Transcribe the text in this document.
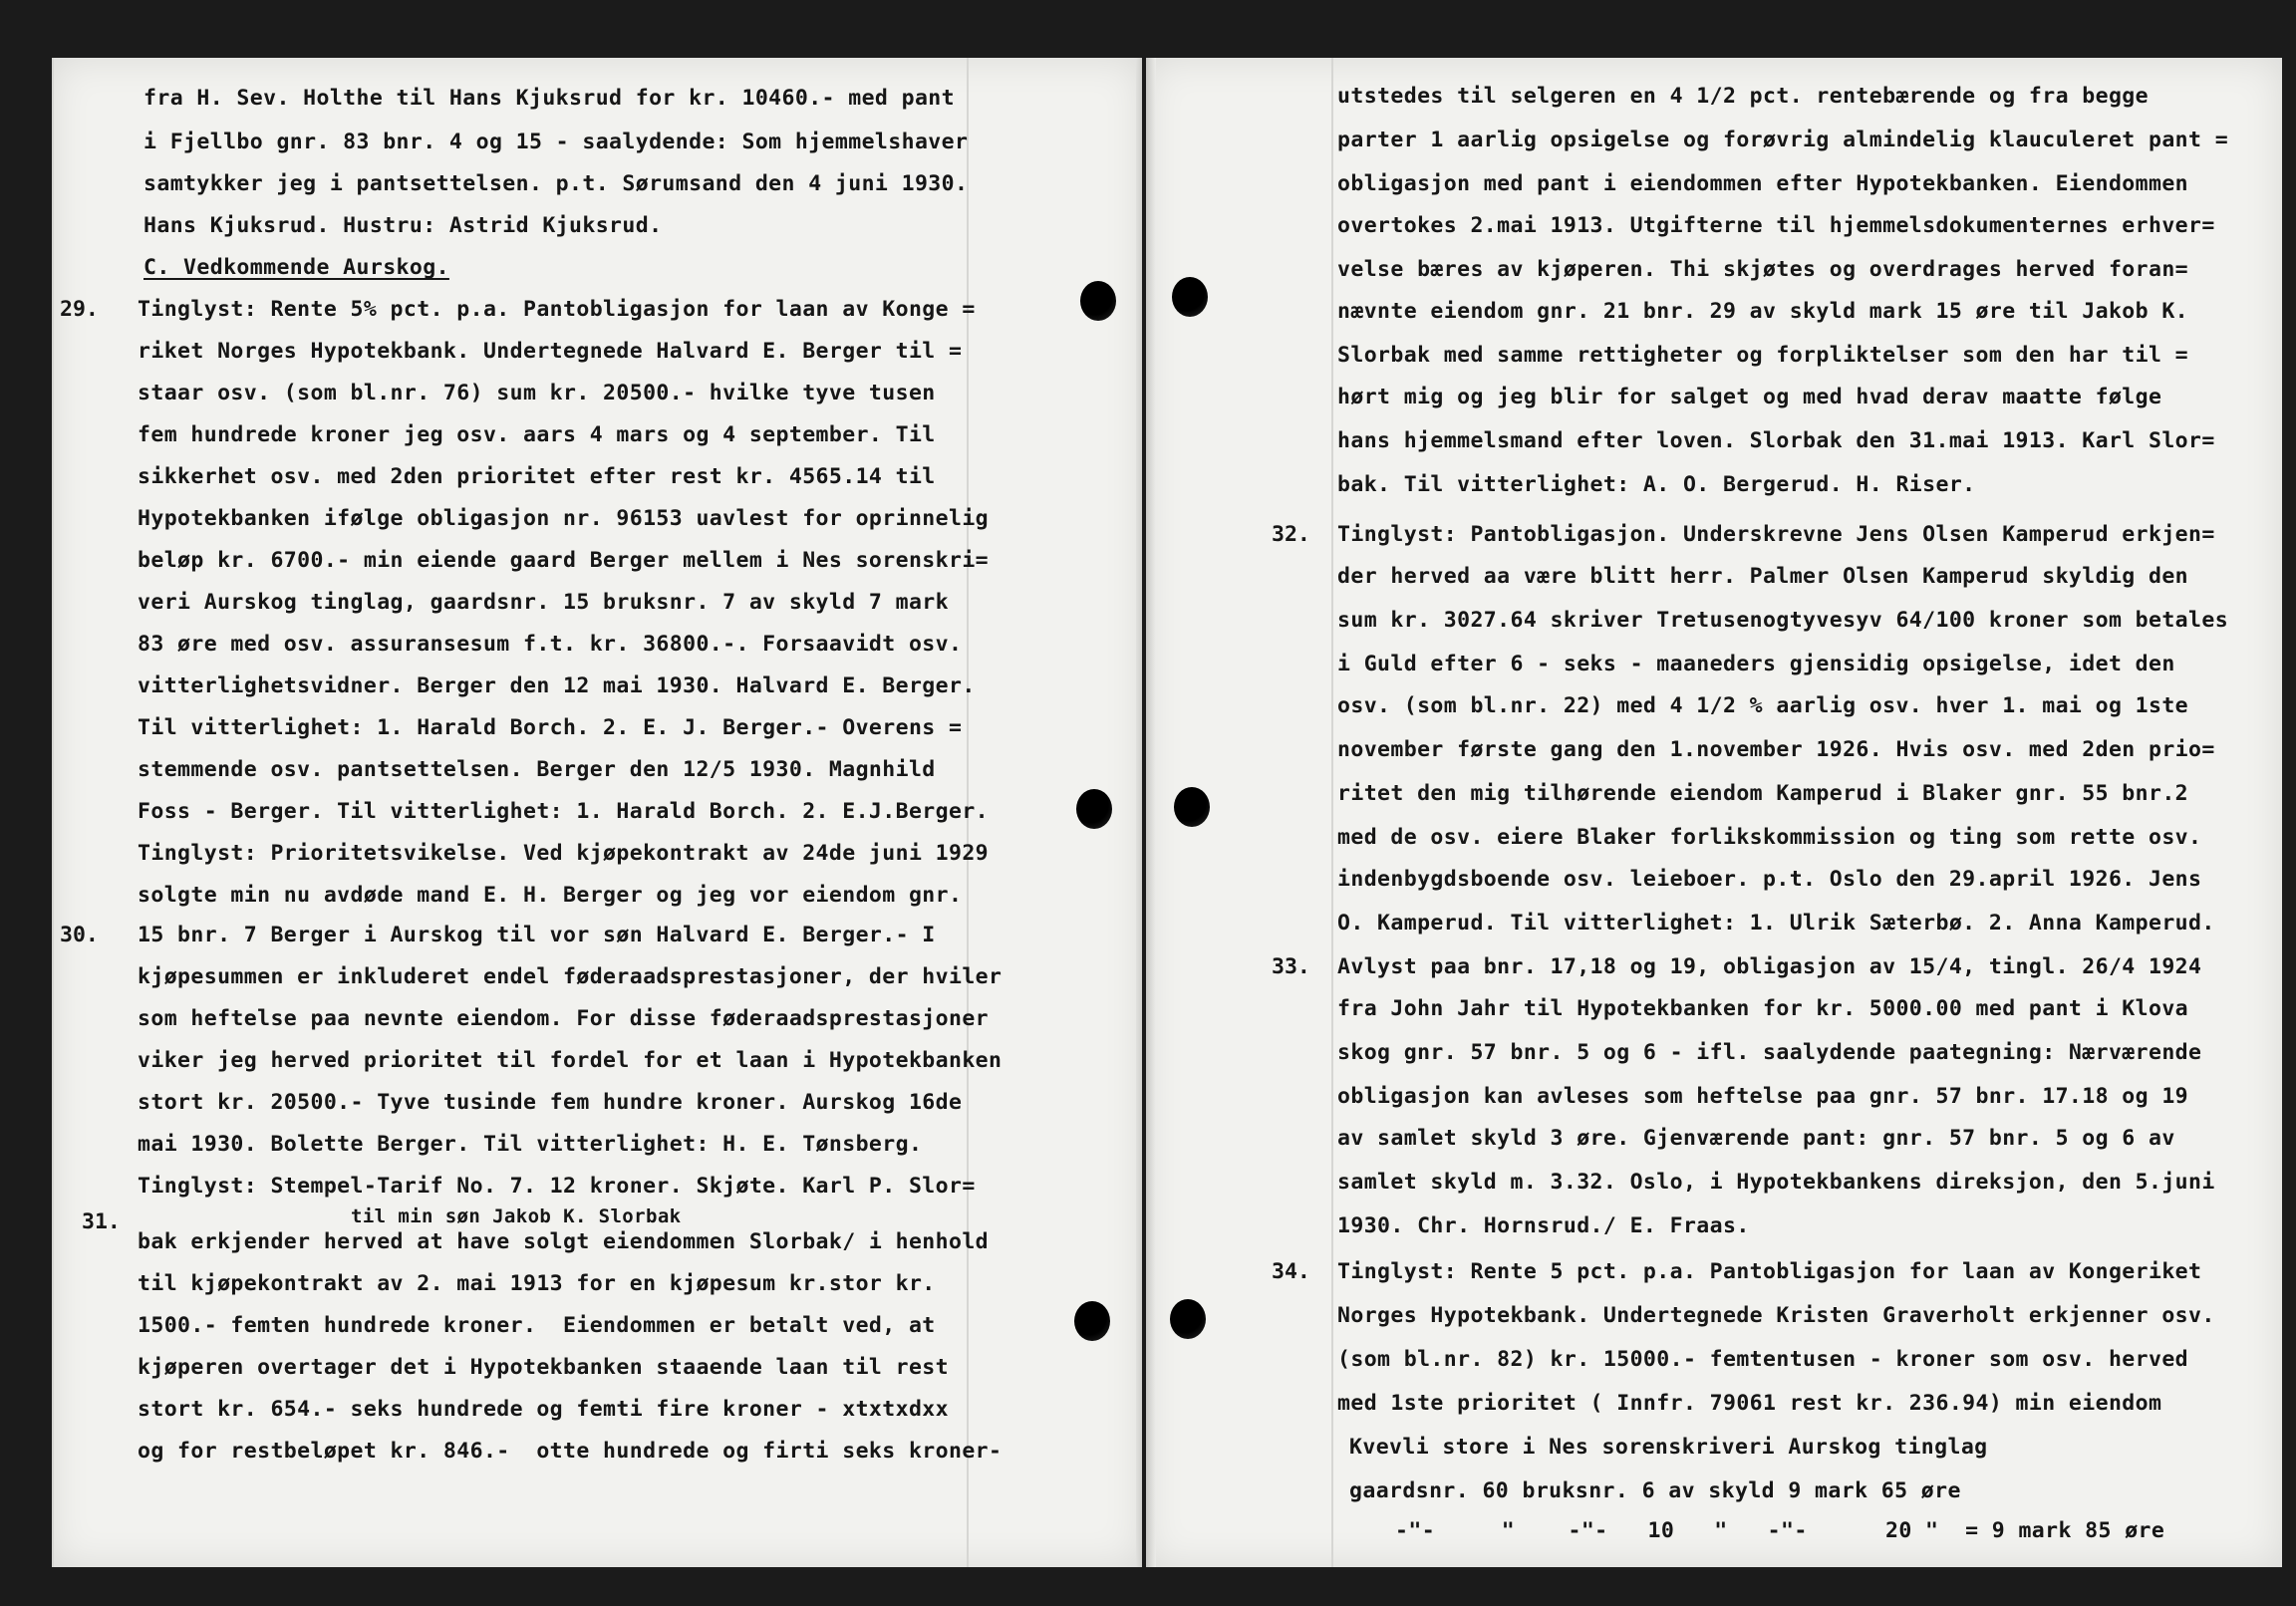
29.
30.
31.
fra H. Sev. Holthe til Hans Kjuksrud for kr. 10460.- med pant
i Fjellbo gnr. 83 bnr. 4 og 15 - saalydende: Som hjemmelshaver
samtykker jeg i pantsettelsen. p.t. Sørumsand den 4 juni 1930.
Hans Kjuksrud. Hustru: Astrid Kjuksrud.
C. Vedkommende Aurskog.
Tinglyst: Rente 5% pct. p.a. Pantobligasjon for laan av Konge =
riket Norges Hypotekbank. Undertegnede Halvard E. Berger til =
staar osv. (som bl.nr. 76) sum kr. 20500.- hvilke tyve tusen
fem hundrede kroner jeg osv. aars 4 mars og 4 september. Til
sikkerhet osv. med 2den prioritet efter rest kr. 4565.14 til
Hypotekbanken ifølge obligasjon nr. 96153 uavlest for oprinnelig
beløp kr. 6700.- min eiende gaard Berger mellem i Nes sorenskri=
veri Aurskog tinglag, gaardsnr. 15 bruksnr. 7 av skyld 7 mark
83 øre med osv. assuransesum f.t. kr. 36800.-. Forsaavidt osv.
vitterlighetsvidner. Berger den 12 mai 1930. Halvard E. Berger.
Til vitterlighet: 1. Harald Borch. 2. E. J. Berger.- Overens =
stemmende osv. pantsettelsen. Berger den 12/5 1930. Magnhild
Foss - Berger. Til vitterlighet: 1. Harald Borch. 2. E.J.Berger.
Tinglyst: Prioritetsvikelse. Ved kjøpekontrakt av 24de juni 1929
solgte min nu avdøde mand E. H. Berger og jeg vor eiendom gnr.
15 bnr. 7 Berger i Aurskog til vor søn Halvard E. Berger.- I
kjøpesummen er inkluderet endel føderaadsprestasjoner, der hviler
som heftelse paa nevnte eiendom. For disse føderaadsprestasjoner
viker jeg herved prioritet til fordel for et laan i Hypotekbanken
stort kr. 20500.- Tyve tusinde fem hundre kroner. Aurskog 16de
mai 1930. Bolette Berger. Til vitterlighet: H. E. Tønsberg.
Tinglyst: Stempel-Tarif No. 7. 12 kroner. Skjøte. Karl P. Slor=
til min søn Jakob K. Slorbak
bak erkjender herved at have solgt eiendommen Slorbak/ i henhold
til kjøpekontrakt av 2. mai 1913 for en kjøpesum kr.stor kr.
1500.- femten hundrede kroner.  Eiendommen er betalt ved, at
kjøperen overtager det i Hypotekbanken staaende laan til rest
stort kr. 654.- seks hundrede og femti fire kroner - xtxtxdxx
og for restbeløpet kr. 846.-  otte hundrede og firti seks kroner-
32.
33.
34.
utstedes til selgeren en 4 1/2 pct. rentebærende og fra begge
parter 1 aarlig opsigelse og forøvrig almindelig klauculeret pant =
obligasjon med pant i eiendommen efter Hypotekbanken. Eiendommen
overtokes 2.mai 1913. Utgifterne til hjemmelsdokumenternes erhver=
velse bæres av kjøperen. Thi skjøtes og overdrages herved foran=
nævnte eiendom gnr. 21 bnr. 29 av skyld mark 15 øre til Jakob K.
Slorbak med samme rettigheter og forpliktelser som den har til =
hørt mig og jeg blir for salget og med hvad derav maatte følge
hans hjemmelsmand efter loven. Slorbak den 31.mai 1913. Karl Slor=
bak. Til vitterlighet: A. O. Bergerud. H. Riser.
Tinglyst: Pantobligasjon. Underskrevne Jens Olsen Kamperud erkjen=
der herved aa være blitt herr. Palmer Olsen Kamperud skyldig den
sum kr. 3027.64 skriver Tretusenogtyvesyv 64/100 kroner som betales
i Guld efter 6 - seks - maaneders gjensidig opsigelse, idet den
osv. (som bl.nr. 22) med 4 1/2 % aarlig osv. hver 1. mai og 1ste
november første gang den 1.november 1926. Hvis osv. med 2den prio=
ritet den mig tilhørende eiendom Kamperud i Blaker gnr. 55 bnr.2
med de osv. eiere Blaker forlikskommission og ting som rette osv.
indenbygdsboende osv. leieboer. p.t. Oslo den 29.april 1926. Jens
O. Kamperud. Til vitterlighet: 1. Ulrik Sæterbø. 2. Anna Kamperud.
Avlyst paa bnr. 17,18 og 19, obligasjon av 15/4, tingl. 26/4 1924
fra John Jahr til Hypotekbanken for kr. 5000.00 med pant i Klova
skog gnr. 57 bnr. 5 og 6 - ifl. saalydende paategning: Nærværende
obligasjon kan avleses som heftelse paa gnr. 57 bnr. 17.18 og 19
av samlet skyld 3 øre. Gjenværende pant: gnr. 57 bnr. 5 og 6 av
samlet skyld m. 3.32. Oslo, i Hypotekbankens direksjon, den 5.juni
1930. Chr. Hornsrud./ E. Fraas.
Tinglyst: Rente 5 pct. p.a. Pantobligasjon for laan av Kongeriket
Norges Hypotekbank. Undertegnede Kristen Graverholt erkjenner osv.
(som bl.nr. 82) kr. 15000.- femtentusen - kroner som osv. herved
med 1ste prioritet ( Innfr. 79061 rest kr. 236.94) min eiendom
Kvevli store i Nes sorenskriveri Aurskog tinglag
gaardsnr. 60 bruksnr. 6 av skyld 9 mark 65 øre
-"-     "    -"-   10   "   -"-	20 "  = 9 mark 85 øre
